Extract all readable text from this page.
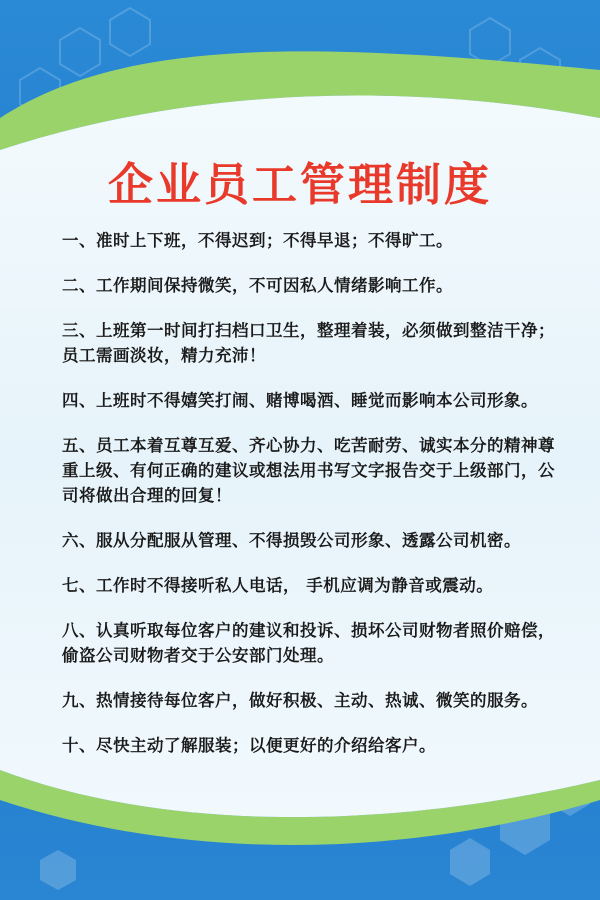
企业员工管理制度
一、准时上下班，不得迟到；不得早退；不得旷工。
二、工作期间保持微笑，不可因私人情绪影响工作。
三、上班第一时间打扫档口卫生，整理着装，必须做到整洁干净；员工需画淡妆，精力充沛！
四、上班时不得嬉笑打闹、赌博喝酒、睡觉而影响本公司形象。
五、员工本着互尊互爱、齐心协力、吃苦耐劳、诚实本分的精神尊重上级、有何正确的建议或想法用书写文字报告交于上级部门，公司将做出合理的回复！
六、服从分配服从管理、不得损毁公司形象、透露公司机密。
七、工作时不得接听私人电话， 手机应调为静音或震动。
八、认真听取每位客户的建议和投诉、损坏公司财物者照价赔偿，偷盗公司财物者交于公安部门处理。
九、热情接待每位客户，做好积极、主动、热诚、微笑的服务。
十、尽快主动了解服装；以便更好的介绍给客户。
